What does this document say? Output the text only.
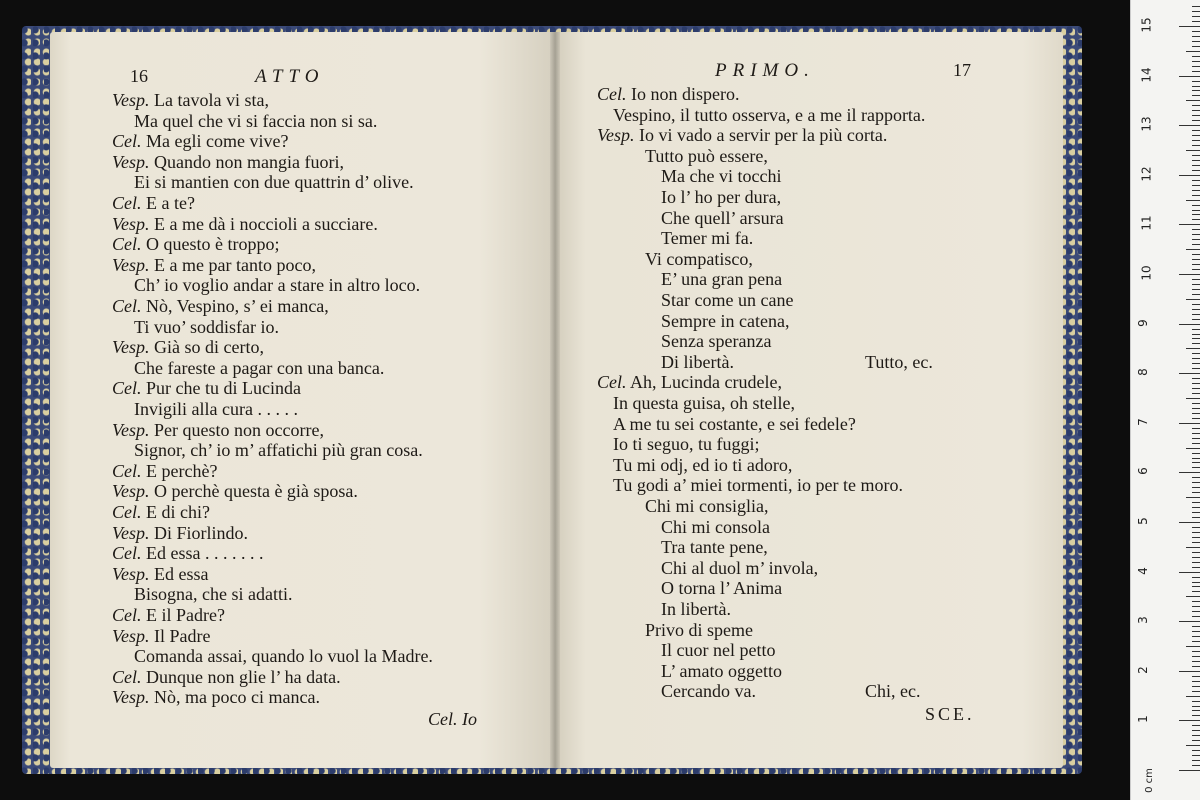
16	ATTO
Vesp. La tavola vi sta,
Ma quel che vi si faccia non si sa.
Cel. Ma egli come vive?
Vesp. Quando non mangia fuori,
Ei si mantien con due quattrin d’ olive.
Cel. E a te?
Vesp. E a me dà i noccioli a succiare.
Cel. O questo è troppo;
Vesp. E a me par tanto poco,
Ch’ io voglio andar a stare in altro loco.
Cel. Nò, Vespino, s’ ei manca,
Ti vuo’ soddisfar io.
Vesp. Già so di certo,
Che fareste a pagar con una banca.
Cel. Pur che tu di Lucinda
Invigili alla cura . . . . .
Vesp. Per questo non occorre,
Signor, ch’ io m’ affatichi più gran cosa.
Cel. E perchè?
Vesp. O perchè questa è già sposa.
Cel. E di chi?
Vesp. Di Fiorlindo.
Cel. Ed essa . . . . . . .
Vesp. Ed essa
Bisogna, che si adatti.
Cel. E il Padre?
Vesp. Il Padre
Comanda assai, quando lo vuol la Madre.
Cel. Dunque non glie l’ ha data.
Vesp. Nò, ma poco ci manca.
Cel. Io
PRIMO.	17
Cel. Io non dispero.
Vespino, il tutto osserva, e a me il rapporta.
Vesp. Io vi vado a servir per la più corta.
Tutto può essere,
Ma che vi tocchi
Io l’ ho per dura,
Che quell’ arsura
Temer mi fa.
Vi compatisco,
E’ una gran pena
Star come un cane
Sempre in catena,
Senza speranza
Di libertà.	Tutto, ec.
Cel. Ah, Lucinda crudele,
In questa guisa, oh stelle,
A me tu sei costante, e sei fedele?
Io ti seguo, tu fuggi;
Tu mi odj, ed io ti adoro,
Tu godi a’ miei tormenti, io per te moro.
Chi mi consiglia,
Chi mi consola
Tra tante pene,
Chi al duol m’ invola,
O torna l’ Anima
In libertà.
Privo di speme
Il cuor nel petto
L’ amato oggetto
Cercando va.	Chi, ec.
SCE.
0 cm
1
2
3
4
5
6
7
8
9
10
11
12
13
14
15
